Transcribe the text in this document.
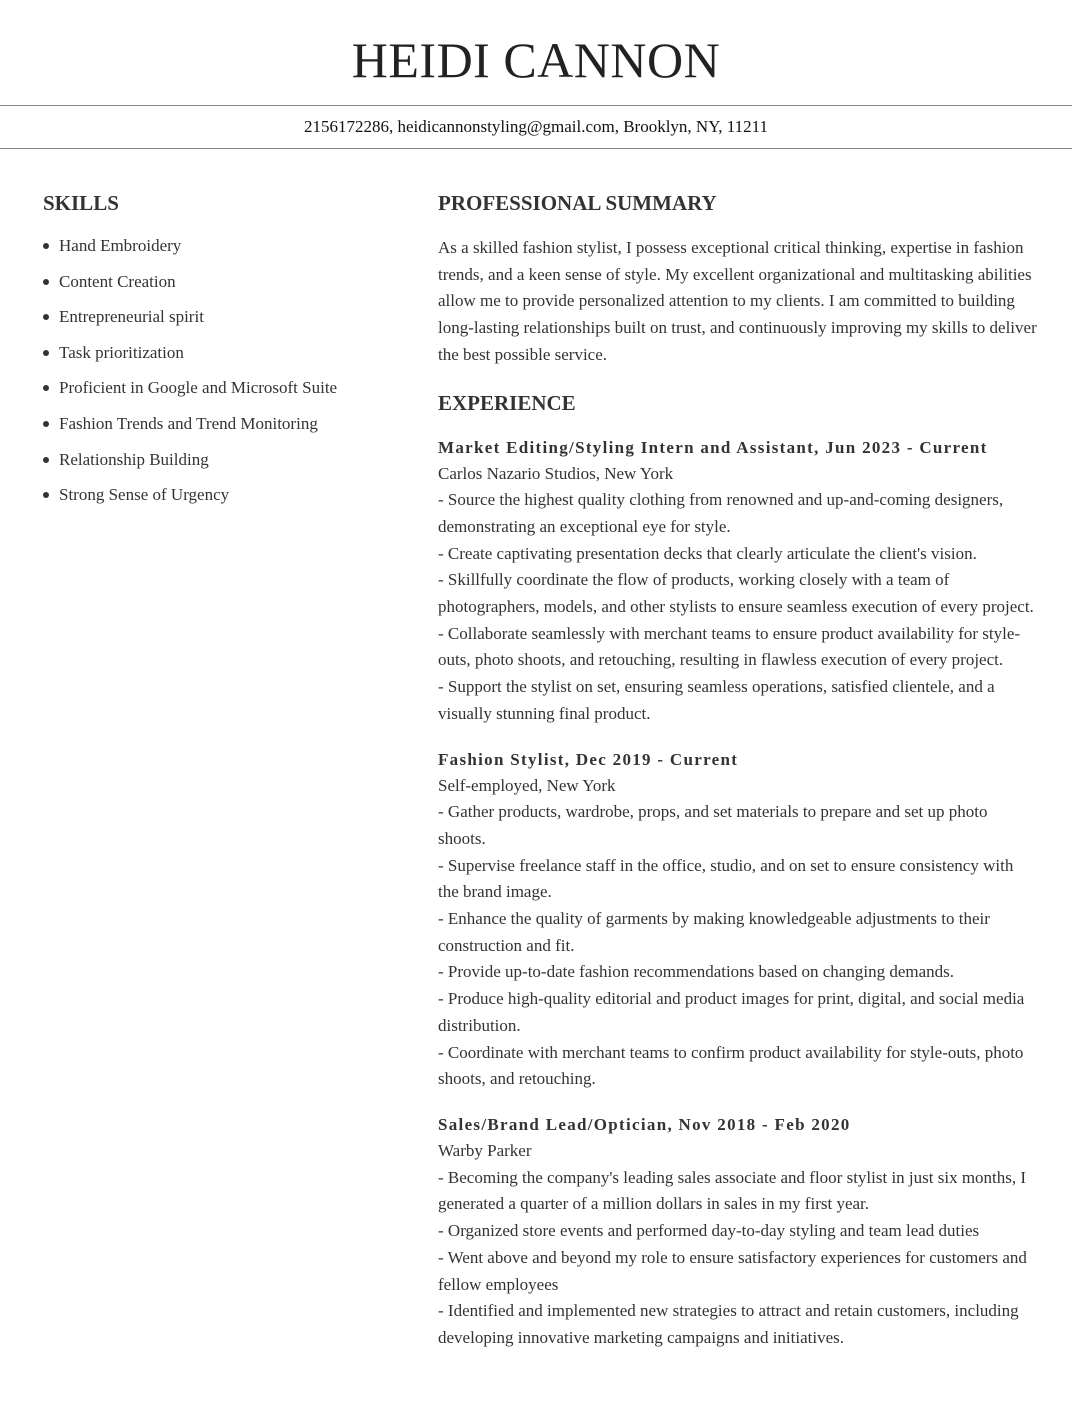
HEIDI CANNON
2156172286, heidicannonstyling@gmail.com, Brooklyn, NY, 11211
SKILLS
Hand Embroidery
Content Creation
Entrepreneurial spirit
Task prioritization
Proficient in Google and Microsoft Suite
Fashion Trends and Trend Monitoring
Relationship Building
Strong Sense of Urgency
PROFESSIONAL SUMMARY

As a skilled fashion stylist, I possess exceptional critical thinking, expertise in fashion trends, and a keen sense of style. My excellent organizational and multitasking abilities allow me to provide personalized attention to my clients. I am committed to building long-lasting relationships built on trust, and continuously improving my skills to deliver the best possible service.

EXPERIENCE

Market Editing/Styling Intern and Assistant, Jun 2023 - Current

Carlos Nazario Studios, New York

- Source the highest quality clothing from renowned and up-and-coming designers, demonstrating an exceptional eye for style.

- Create captivating presentation decks that clearly articulate the client's vision.

- Skillfully coordinate the flow of products, working closely with a team of photographers, models, and other stylists to ensure seamless execution of every project.

- Collaborate seamlessly with merchant teams to ensure product availability for style-outs, photo shoots, and retouching, resulting in flawless execution of every project.

- Support the stylist on set, ensuring seamless operations, satisfied clientele, and a visually stunning final product.

Fashion Stylist, Dec 2019 - Current

Self-employed, New York

- Gather products, wardrobe, props, and set materials to prepare and set up photo shoots.

- Supervise freelance staff in the office, studio, and on set to ensure consistency with the brand image.

- Enhance the quality of garments by making knowledgeable adjustments to their construction and fit.

- Provide up-to-date fashion recommendations based on changing demands.

- Produce high-quality editorial and product images for print, digital, and social media distribution.

- Coordinate with merchant teams to confirm product availability for style-outs, photo shoots, and retouching.

Sales/Brand Lead/Optician, Nov 2018 - Feb 2020

Warby Parker

- Becoming the company's leading sales associate and floor stylist in just six months, I generated a quarter of a million dollars in sales in my first year.

- Organized store events and performed day-to-day styling and team lead duties

- Went above and beyond my role to ensure satisfactory experiences for customers and fellow employees

- Identified and implemented new strategies to attract and retain customers, including developing innovative marketing campaigns and initiatives.
